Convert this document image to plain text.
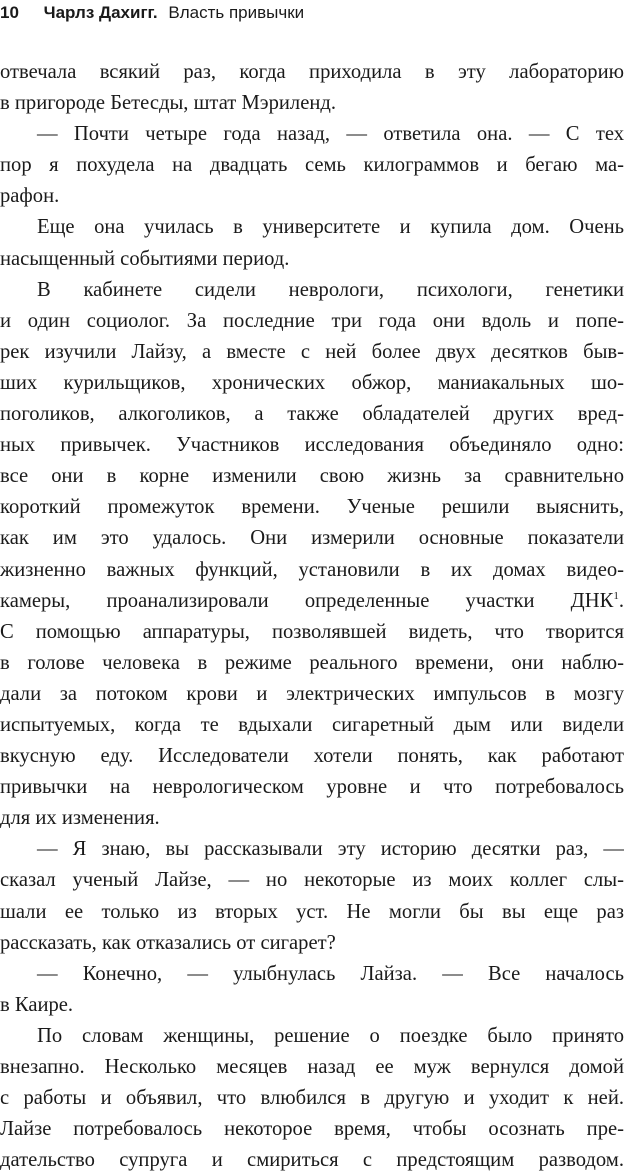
10 Чарлз Дахигг. Власть привычки
отвечала всякий раз, когда приходила в эту лабораторию
в пригороде Бетесды, штат Мэриленд.
— Почти четыре года назад, — ответила она. — С тех
пор я похудела на двадцать семь килограммов и бегаю ма-
рафон.
Еще она училась в университете и купила дом. Очень
насыщенный событиями период.
В кабинете сидели неврологи, психологи, генетики
и один социолог. За последние три года они вдоль и попе-
рек изучили Лайзу, а вместе с ней более двух десятков быв-
ших курильщиков, хронических обжор, маниакальных шо-
поголиков, алкоголиков, а также обладателей других вред-
ных привычек. Участников исследования объединяло одно:
все они в корне изменили свою жизнь за сравнительно
короткий промежуток времени. Ученые решили выяснить,
как им это удалось. Они измерили основные показатели
жизненно важных функций, установили в их домах видео-
камеры, проанализировали определенные участки ДНК$^1$.
С помощью аппаратуры, позволявшей видеть, что творится
в голове человека в режиме реального времени, они наблю-
дали за потоком крови и электрических импульсов в мозгу
испытуемых, когда те вдыхали сигаретный дым или видели
вкусную еду. Исследователи хотели понять, как работают
привычки на неврологическом уровне и что потребовалось
для их изменения.
— Я знаю, вы рассказывали эту историю десятки раз, —
сказал ученый Лайзе, — но некоторые из моих коллег слы-
шали ее только из вторых уст. Не могли бы вы еще раз
рассказать, как отказались от сигарет?
— Конечно, — улыбнулась Лайза. — Все началось
в Каире.
По словам женщины, решение о поездке было принято
внезапно. Несколько месяцев назад ее муж вернулся домой
с работы и объявил, что влюбился в другую и уходит к ней.
Лайзе потребовалось некоторое время, чтобы осознать пре-
дательство супруга и смириться с предстоящим разводом.
